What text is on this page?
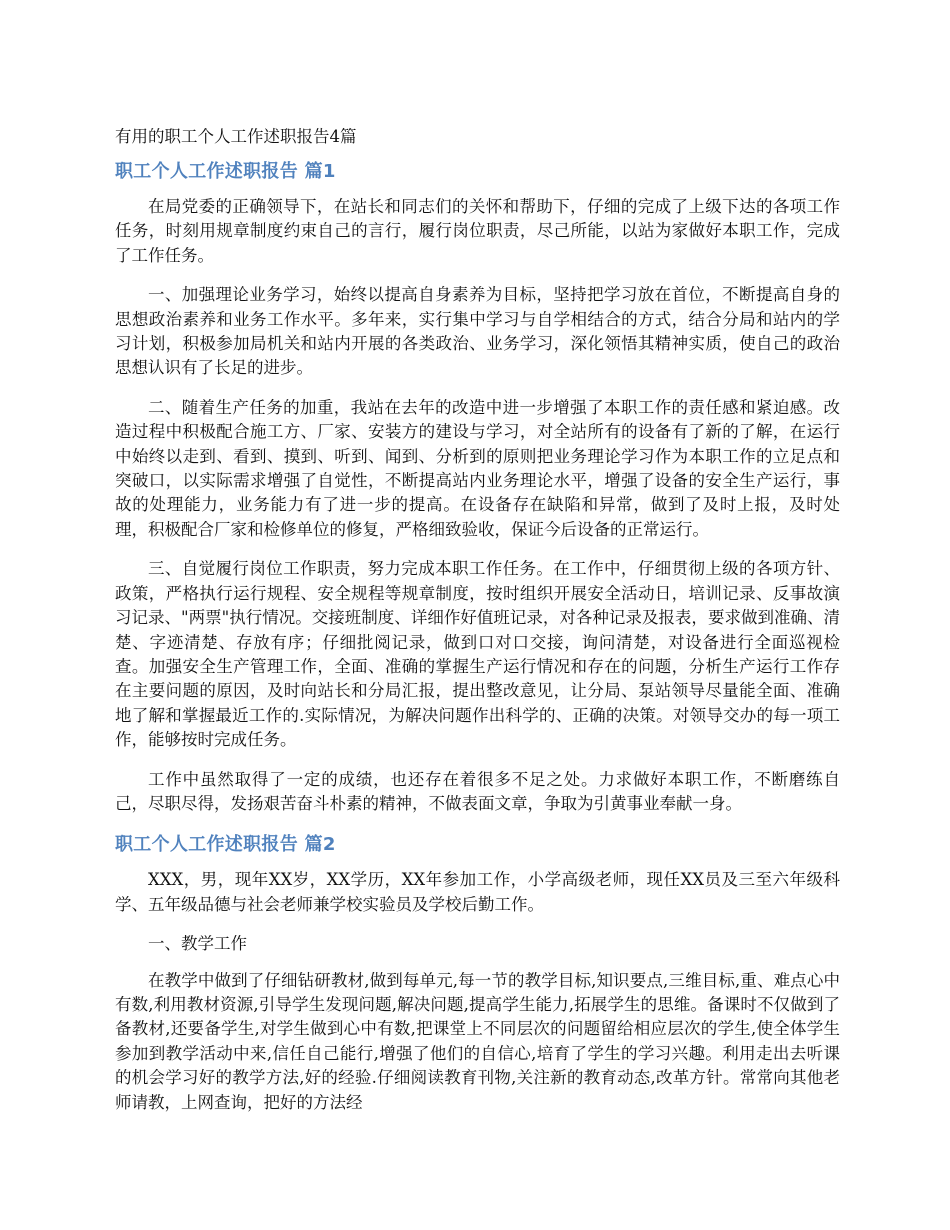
有用的职工个人工作述职报告4篇
职工个人工作述职报告 篇1

在局党委的正确领导下，在站长和同志们的关怀和帮助下，仔细的完成了上级下达的各项工作任务，时刻用规章制度约束自己的言行，履行岗位职责，尽己所能，以站为家做好本职工作，完成了工作任务。

一、加强理论业务学习，始终以提高自身素养为目标，坚持把学习放在首位，不断提高自身的思想政治素养和业务工作水平。多年来，实行集中学习与自学相结合的方式，结合分局和站内的学习计划，积极参加局机关和站内开展的各类政治、业务学习，深化领悟其精神实质，使自己的政治思想认识有了长足的进步。

二、随着生产任务的加重，我站在去年的改造中进一步增强了本职工作的责任感和紧迫感。改造过程中积极配合施工方、厂家、安装方的建设与学习，对全站所有的设备有了新的了解，在运行中始终以走到、看到、摸到、听到、闻到、分析到的原则把业务理论学习作为本职工作的立足点和突破口，以实际需求增强了自觉性，不断提高站内业务理论水平，增强了设备的安全生产运行，事故的处理能力，业务能力有了进一步的提高。在设备存在缺陷和异常，做到了及时上报，及时处理，积极配合厂家和检修单位的修复，严格细致验收，保证今后设备的正常运行。

三、自觉履行岗位工作职责，努力完成本职工作任务。在工作中，仔细贯彻上级的各项方针、政策，严格执行运行规程、安全规程等规章制度，按时组织开展安全活动日，培训记录、反事故演习记录、"两票"执行情况。交接班制度、详细作好值班记录，对各种记录及报表，要求做到准确、清楚、字迹清楚、存放有序；仔细批阅记录，做到口对口交接，询问清楚，对设备进行全面巡视检查。加强安全生产管理工作，全面、准确的掌握生产运行情况和存在的问题，分析生产运行工作存在主要问题的原因，及时向站长和分局汇报，提出整改意见，让分局、泵站领导尽量能全面、准确地了解和掌握最近工作的.实际情况，为解决问题作出科学的、正确的决策。对领导交办的每一项工作，能够按时完成任务。

工作中虽然取得了一定的成绩，也还存在着很多不足之处。力求做好本职工作，不断磨练自己，尽职尽得，发扬艰苦奋斗朴素的精神，不做表面文章，争取为引黄事业奉献一身。

职工个人工作述职报告 篇2

XXX，男，现年XX岁，XX学历，XX年参加工作，小学高级老师，现任XX员及三至六年级科学、五年级品德与社会老师兼学校实验员及学校后勤工作。

一、教学工作

在教学中做到了仔细钻研教材,做到每单元,每一节的教学目标,知识要点,三维目标,重、难点心中有数,利用教材资源,引导学生发现问题,解决问题,提高学生能力,拓展学生的思维。备课时不仅做到了备教材,还要备学生,对学生做到心中有数,把课堂上不同层次的问题留给相应层次的学生,使全体学生参加到教学活动中来,信任自己能行,增强了他们的自信心,培育了学生的学习兴趣。利用走出去听课的机会学习好的教学方法,好的经验.仔细阅读教育刊物,关注新的教育动态,改革方针。常常向其他老师请教，上网查询，把好的方法经
